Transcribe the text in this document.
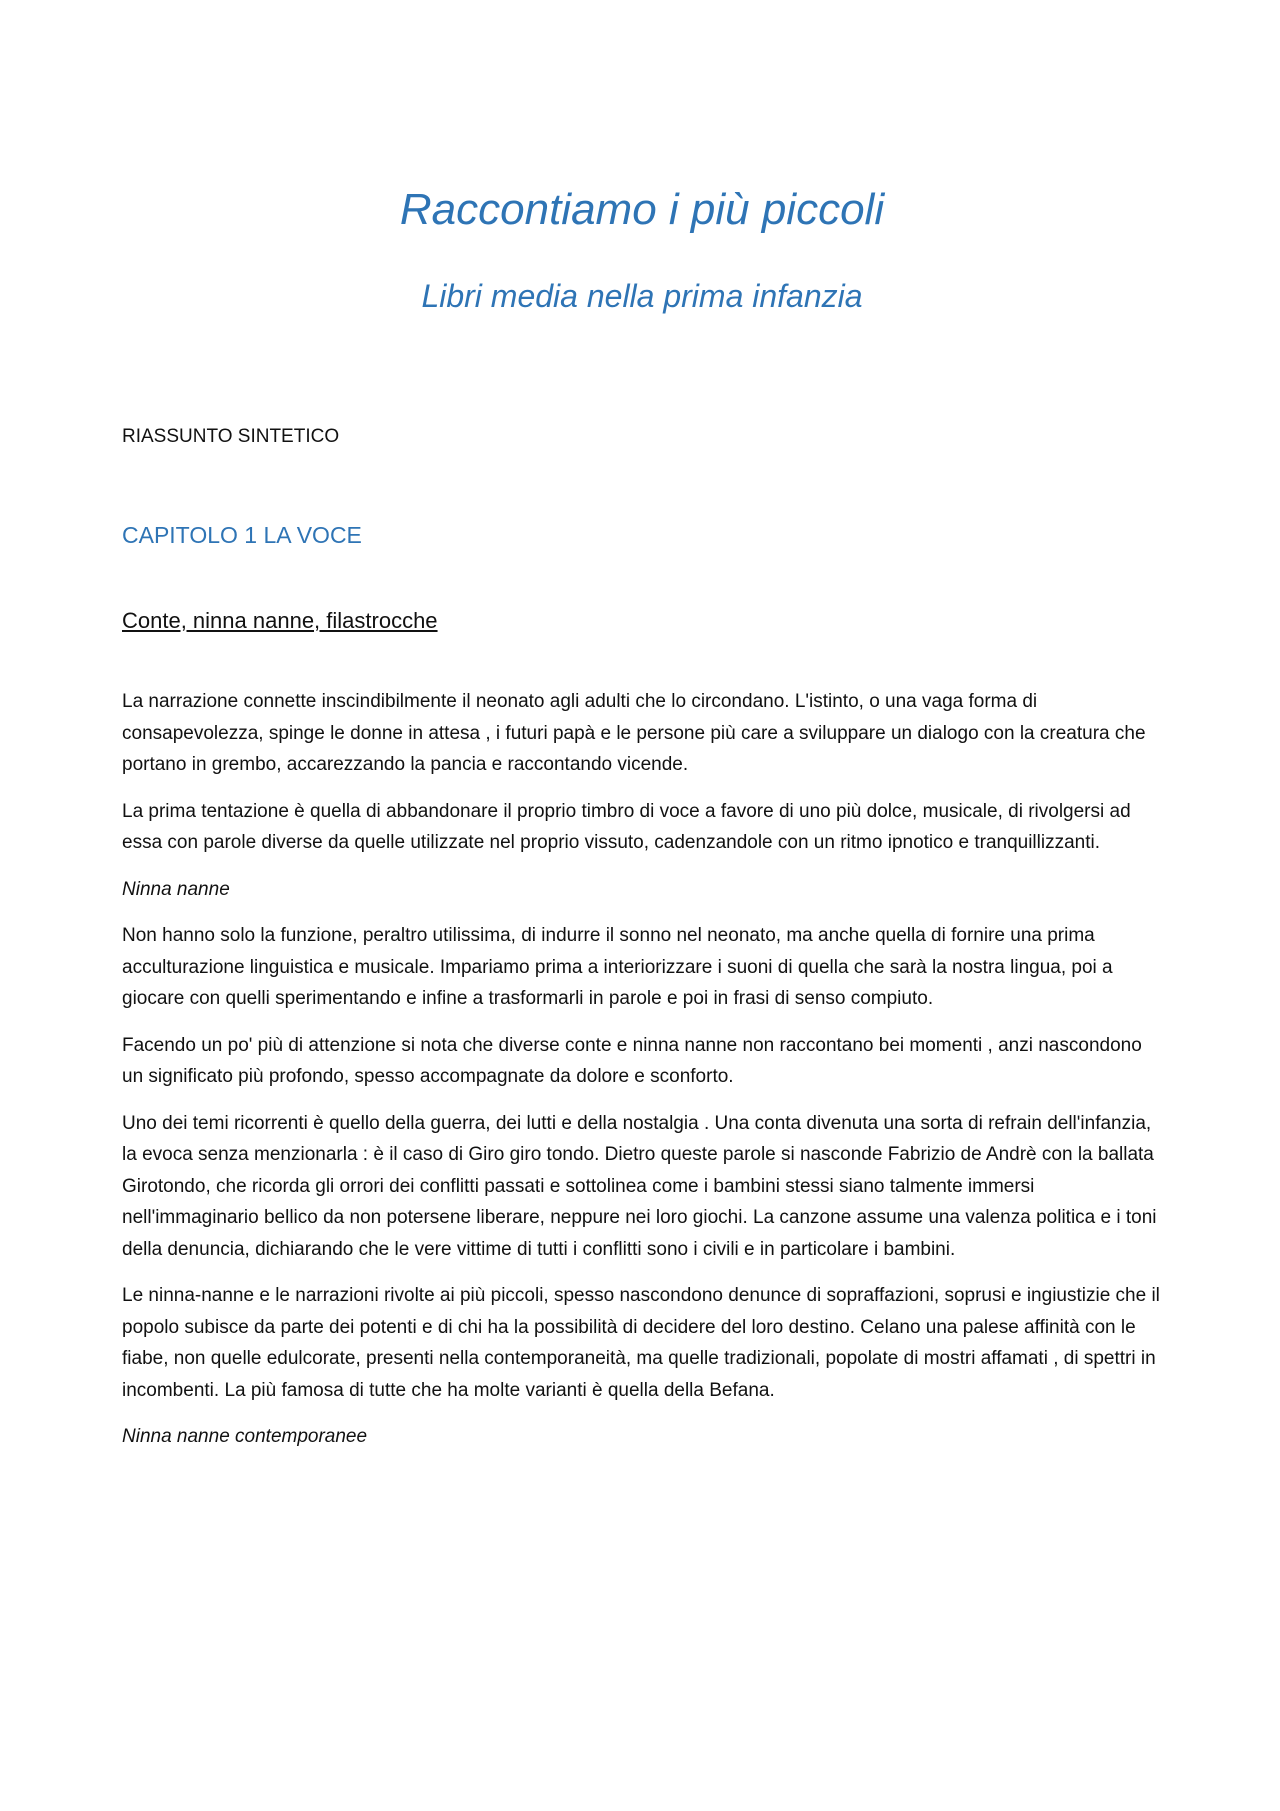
Raccontiamo i più piccoli
Libri media nella prima infanzia

RIASSUNTO SINTETICO

CAPITOLO 1 LA VOCE
Conte, ninna nanne, filastrocche

La narrazione connette inscindibilmente il neonato agli adulti che lo circondano. L'istinto, o una vaga forma di consapevolezza, spinge le donne in attesa , i futuri papà e le persone più care a sviluppare un dialogo con la creatura che portano in grembo, accarezzando la pancia e raccontando vicende.

La prima tentazione è quella di abbandonare il proprio timbro di voce a favore di uno più dolce, musicale, di rivolgersi ad essa con parole diverse da quelle utilizzate nel proprio vissuto, cadenzandole con un ritmo ipnotico e tranquillizzanti.

Ninna nanne

Non hanno solo la funzione, peraltro utilissima, di indurre il sonno nel neonato, ma anche quella di fornire una prima acculturazione linguistica e musicale. Impariamo prima a interiorizzare i suoni di quella che sarà la nostra lingua, poi a giocare con quelli sperimentando e infine a trasformarli in parole e poi in frasi di senso compiuto.

Facendo un po' più di attenzione si nota che diverse conte e ninna nanne non raccontano bei momenti , anzi nascondono un significato più profondo, spesso accompagnate da dolore e sconforto.

Uno dei temi ricorrenti è quello della guerra, dei lutti e della nostalgia . Una conta divenuta una sorta di refrain dell'infanzia, la evoca senza menzionarla : è il caso di Giro giro tondo. Dietro queste parole si nasconde Fabrizio de Andrè con la ballata Girotondo, che ricorda gli orrori dei conflitti passati e sottolinea come i bambini stessi siano talmente immersi nell'immaginario bellico da non potersene liberare, neppure nei loro giochi. La canzone assume una valenza politica e i toni della denuncia, dichiarando che le vere vittime di tutti i conflitti sono i civili e in particolare i bambini.

Le ninna-nanne e le narrazioni rivolte ai più piccoli, spesso nascondono denunce di sopraffazioni, soprusi e ingiustizie che il popolo subisce da parte dei potenti e di chi ha la possibilità di decidere del loro destino. Celano una palese affinità con le fiabe, non quelle edulcorate, presenti nella contemporaneità, ma quelle tradizionali, popolate di mostri affamati , di spettri in incombenti. La più famosa di tutte che ha molte varianti è quella della Befana.

Ninna nanne contemporanee
